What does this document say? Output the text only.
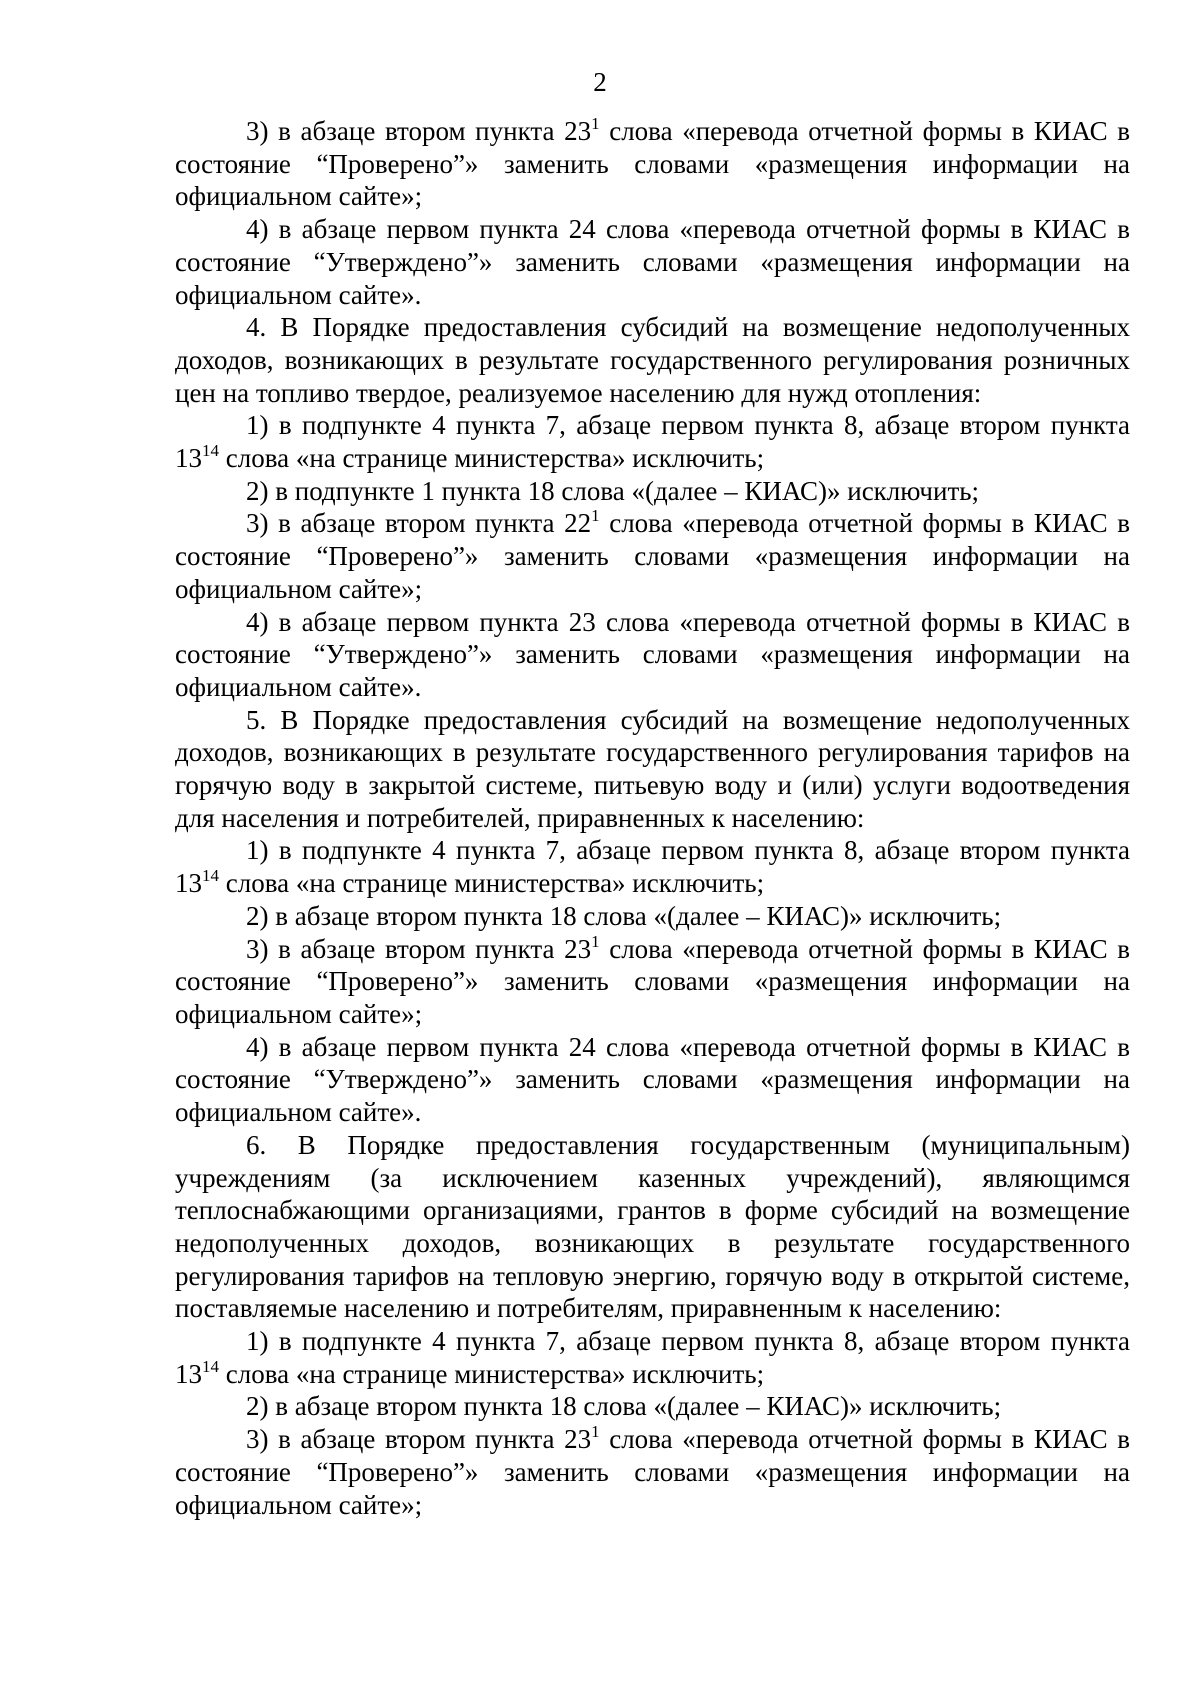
2

3) в абзаце втором пункта $23^1$ слова «перевода отчетной формы в КИАС в состояние “Проверено”» заменить словами «размещения информации на официальном сайте»;

4) в абзаце первом пункта 24 слова «перевода отчетной формы в КИАС в состояние “Утверждено”» заменить словами «размещения информации на официальном сайте».

4. В Порядке предоставления субсидий на возмещение недополученных доходов, возникающих в результате государственного регулирования розничных цен на топливо твердое, реализуемое населению для нужд отопления:

1) в подпункте 4 пункта 7, абзаце первом пункта 8, абзаце втором пункта $13^{14}$ слова «на странице министерства» исключить;

2) в подпункте 1 пункта 18 слова «(далее – КИАС)» исключить;

3) в абзаце втором пункта $22^1$ слова «перевода отчетной формы в КИАС в состояние “Проверено”» заменить словами «размещения информации на официальном сайте»;

4) в абзаце первом пункта 23 слова «перевода отчетной формы в КИАС в состояние “Утверждено”» заменить словами «размещения информации на официальном сайте».

5. В Порядке предоставления субсидий на возмещение недополученных доходов, возникающих в результате государственного регулирования тарифов на горячую воду в закрытой системе, питьевую воду и (или) услуги водоотведения для населения и потребителей, приравненных к населению:

1) в подпункте 4 пункта 7, абзаце первом пункта 8, абзаце втором пункта $13^{14}$ слова «на странице министерства» исключить;

2) в абзаце втором пункта 18 слова «(далее – КИАС)» исключить;

3) в абзаце втором пункта $23^1$ слова «перевода отчетной формы в КИАС в состояние “Проверено”» заменить словами «размещения информации на официальном сайте»;

4) в абзаце первом пункта 24 слова «перевода отчетной формы в КИАС в состояние “Утверждено”» заменить словами «размещения информации на официальном сайте».

6. В Порядке предоставления государственным (муниципальным) учреждениям (за исключением казенных учреждений), являющимся теплоснабжающими организациями, грантов в форме субсидий на возмещение недополученных доходов, возникающих в результате государственного регулирования тарифов на тепловую энергию, горячую воду в открытой системе, поставляемые населению и потребителям, приравненным к населению:

1) в подпункте 4 пункта 7, абзаце первом пункта 8, абзаце втором пункта $13^{14}$ слова «на странице министерства» исключить;

2) в абзаце втором пункта 18 слова «(далее – КИАС)» исключить;

3) в абзаце втором пункта $23^1$ слова «перевода отчетной формы в КИАС в состояние “Проверено”» заменить словами «размещения информации на официальном сайте»;
